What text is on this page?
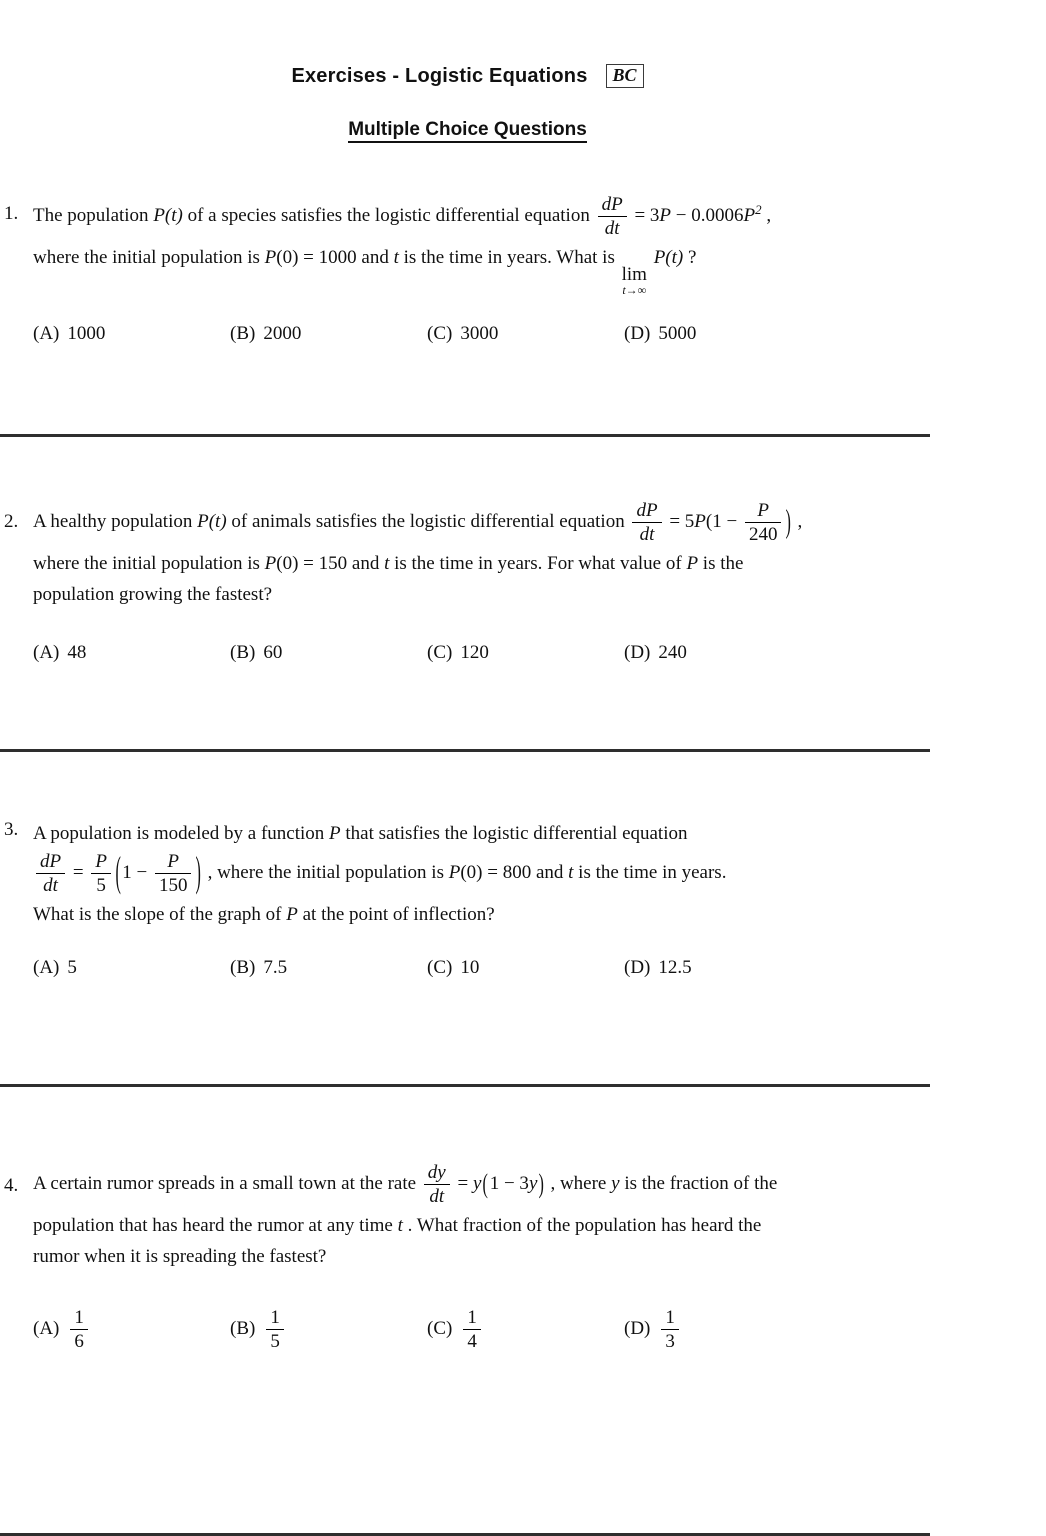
Exercises - Logistic Equations BC
Multiple Choice Questions
1. The population P(t) of a species satisfies the logistic differential equation $\frac{dP}{dt} = 3P - 0.0006P^2$ ,
where the initial population is P(0) = 1000 and t is the time in years. What is
lim
t→∞
P(t) ?
(A) 1000	(B) 2000	(C) 3000	(D) 5000
2. A healthy population P(t) of animals satisfies the logistic differential equation $\frac{dP}{dt} = 5P(1 - \frac{P}{240}$ ) ,
where the initial population is P(0) = 150 and t is the time in years. For what value of P is the
population growing the fastest?
(A) 48	(B) 60	(C) 120	(D) 240
3. A population is modeled by a function P that satisfies the logistic differential equation
$\frac{dP}{dt} = \frac{P}{5} (1 - \frac{P}{150}$ ) , where the initial population is P(0) = 800 and t is the time in years.
What is the slope of the graph of P at the point of inflection?
(A) 5	(B) 7.5	(C) 10	(D) 12.5
4. A certain rumor spreads in a small town at the rate $\frac{dy}{dt} = y(1 - 3y)$ , where y is the fraction of the
population that has heard the rumor at any time t . What fraction of the population has heard the
rumor when it is spreading the fastest?
$(A) \frac{1}{6}$	$(B) \frac{1}{5}$	$(C) \frac{1}{4}$	$(D) \frac{1}{3}$
